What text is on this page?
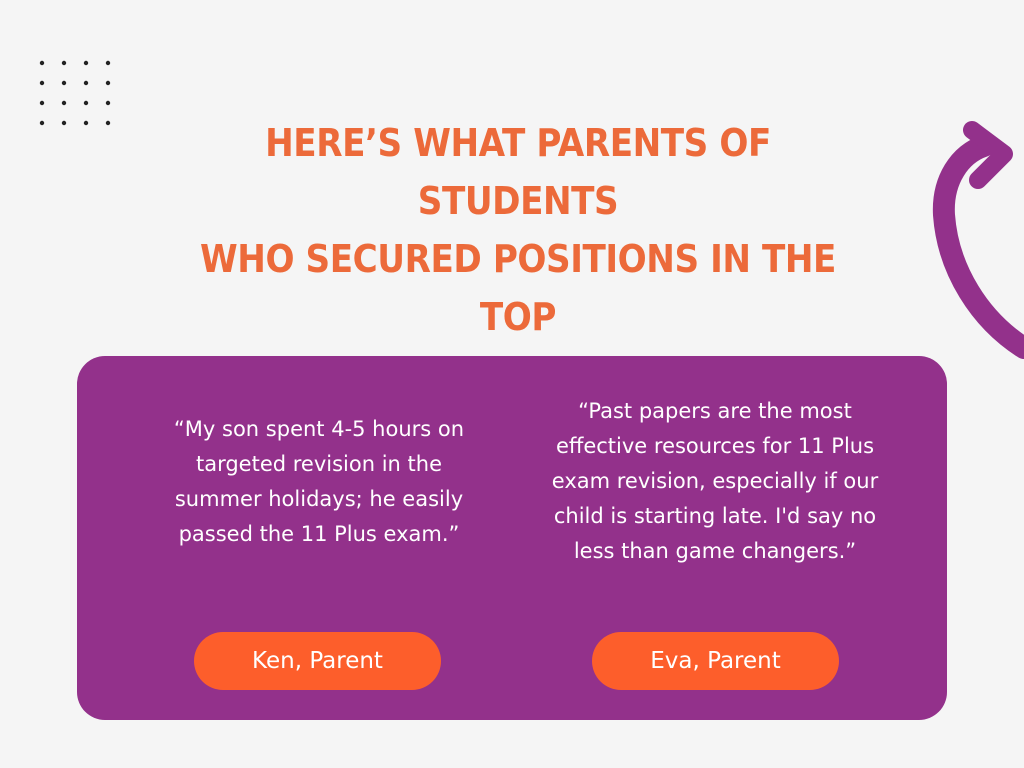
HERE’S WHAT PARENTS OF STUDENTS
WHO SECURED POSITIONS IN THE TOP

“My son spent 4-5 hours on targeted revision in the summer holidays; he easily passed the 11 Plus exam.”

“Past papers are the most effective resources for 11 Plus exam revision, especially if our child is starting late. I'd say no less than game changers.”

Ken, Parent	Eva, Parent
